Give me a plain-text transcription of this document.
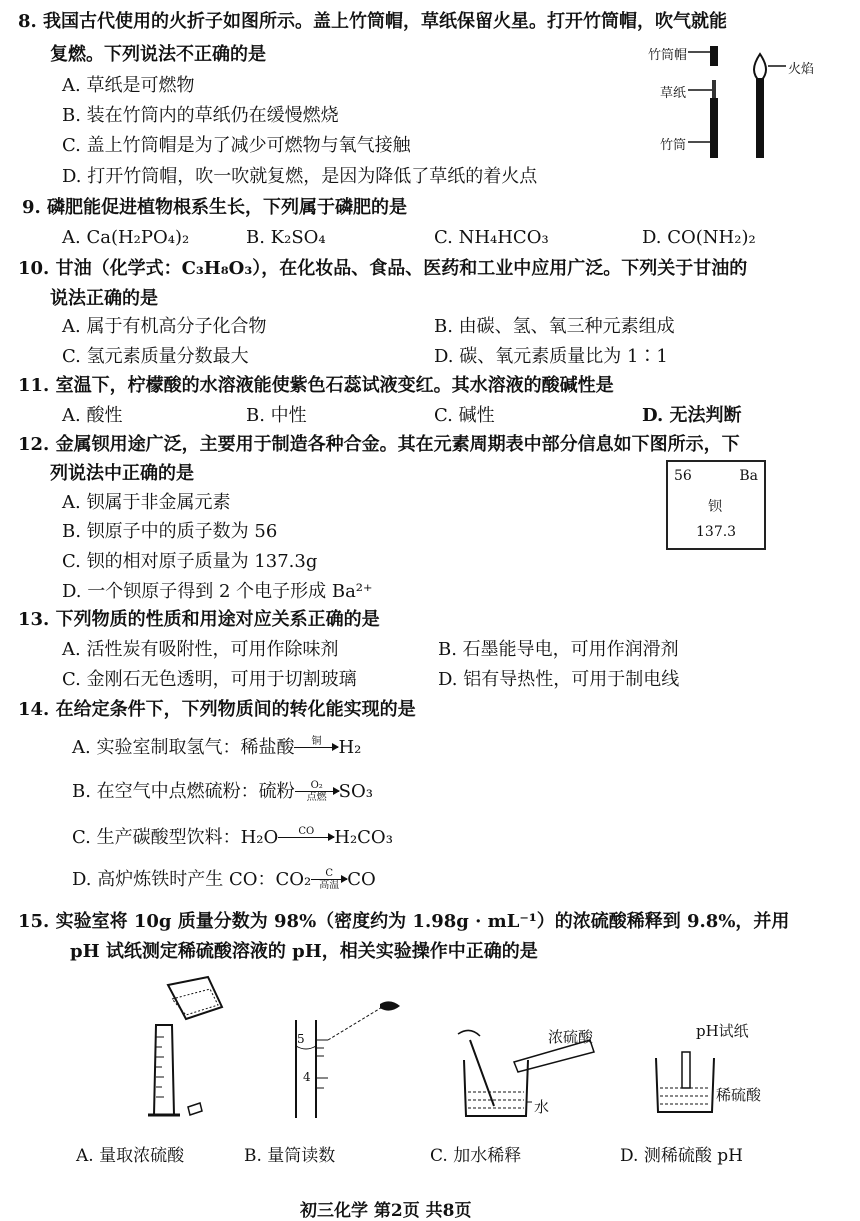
8. 我国古代使用的火折子如图所示。盖上竹筒帽，草纸保留火星。打开竹筒帽，吹气就能
复燃。下列说法不正确的是
A. 草纸是可燃物
B. 装在竹筒内的草纸仍在缓慢燃烧
C. 盖上竹筒帽是为了减少可燃物与氧气接触
D. 打开竹筒帽，吹一吹就复燃，是因为降低了草纸的着火点
竹筒帽
草纸
竹筒
火焰
9. 磷肥能促进植物根系生长，下列属于磷肥的是
A. Ca(H₂PO₄)₂	B. K₂SO₄	C. NH₄HCO₃	D. CO(NH₂)₂
10. 甘油（化学式：C₃H₈O₃），在化妆品、食品、医药和工业中应用广泛。下列关于甘油的
说法正确的是
A. 属于有机高分子化合物	B. 由碳、氢、氧三种元素组成
C. 氢元素质量分数最大	D. 碳、氧元素质量比为 1∶1
11. 室温下，柠檬酸的水溶液能使紫色石蕊试液变红。其水溶液的酸碱性是
A. 酸性	B. 中性	C. 碱性	D. 无法判断
12. 金属钡用途广泛，主要用于制造各种合金。其在元素周期表中部分信息如下图所示，下
列说法中正确的是
A. 钡属于非金属元素
B. 钡原子中的质子数为 56
C. 钡的相对原子质量为 137.3g
D. 一个钡原子得到 2 个电子形成 Ba²⁺
56	Ba
钡
137.3
13. 下列物质的性质和用途对应关系正确的是
A. 活性炭有吸附性，可用作除味剂	B. 石墨能导电，可用作润滑剂
C. 金刚石无色透明，可用于切割玻璃	D. 铝有导热性，可用于制电线
14. 在给定条件下，下列物质间的转化能实现的是
A. 实验室制取氢气：稀盐酸	铜
H₂
B. 在空气中点燃硫粉：硫粉	O₂
点燃 SO₃
C. 生产碳酸型饮料：H₂O	CO
	H₂CO₃
D. 高炉炼铁时产生 CO：CO₂	C
高温 CO
15. 实验室将 10g 质量分数为 98%（密度约为 1.98g · mL⁻¹）的浓硫酸稀释到 9.8%，并用
pH 试纸测定稀硫酸溶液的 pH，相关实验操作中正确的是
5
4
浓硫酸
水
pH试纸
稀硫酸
A. 量取浓硫酸	B. 量筒读数	C. 加水稀释	D. 测稀硫酸 pH
初三化学 第2页 共8页
